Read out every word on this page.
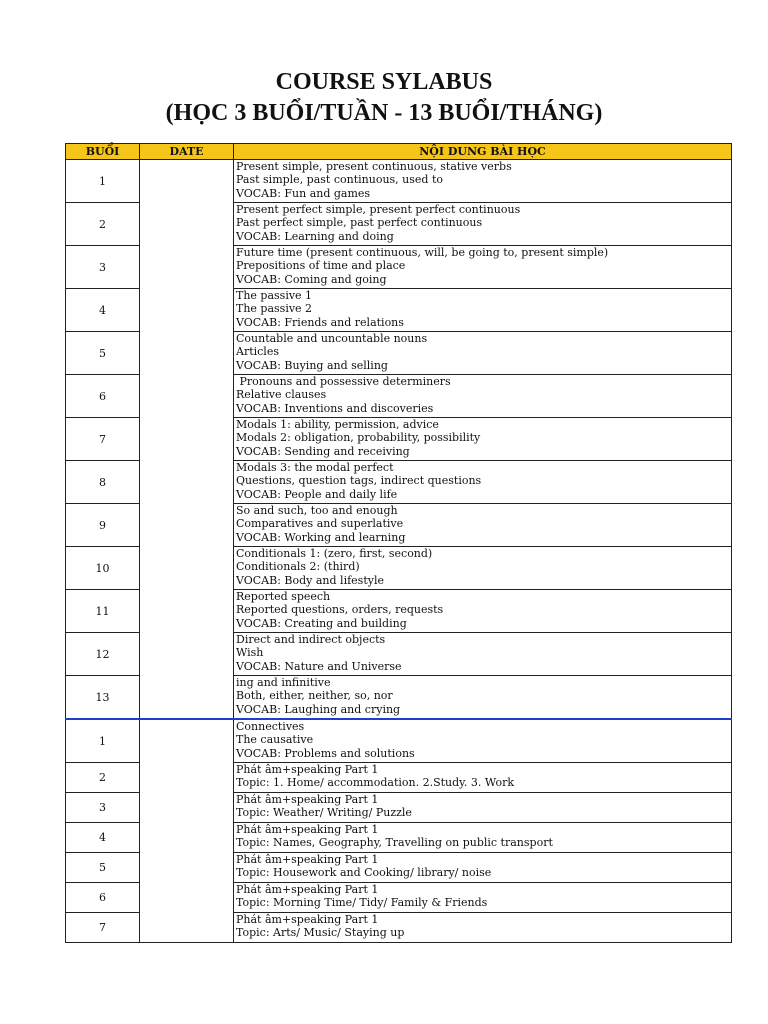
COURSE SYLABUS
(HỌC 3 BUỔI/TUẦN - 13 BUỔI/THÁNG)
BUỔI	DATE	NỘI DUNG BÀI HỌC
1		Present simple, present continuous, stative verbs
Past simple, past continuous, used to
VOCAB: Fun and games

2		Present perfect simple, present perfect continuous
Past perfect simple, past perfect continuous
VOCAB: Learning and doing

3		Future time (present continuous, will, be going to, present simple)
Prepositions of time and place
VOCAB: Coming and going

4		The passive 1
The passive 2
VOCAB: Friends and relations

5		Countable and uncountable nouns
Articles
VOCAB: Buying and selling

6		Pronouns and possessive determiners
Relative clauses
VOCAB: Inventions and discoveries

7		Modals 1: ability, permission, advice
Modals 2: obligation, probability, possibility
VOCAB: Sending and receiving

8		Modals 3: the modal perfect
Questions, question tags, indirect questions
VOCAB: People and daily life

9		So and such, too and enough
Comparatives and superlative
VOCAB: Working and learning

10		Conditionals 1: (zero, first, second)
Conditionals 2: (third)
VOCAB: Body and lifestyle

11		Reported speech
Reported questions, orders, requests
VOCAB: Creating and building

12		Direct and indirect objects
Wish
VOCAB: Nature and Universe

13		ing and infinitive
Both, either, neither, so, nor
VOCAB: Laughing and crying

1		Connectives
The causative
VOCAB: Problems and solutions

2		Phát âm+speaking Part 1
Topic: 1. Home/ accommodation. 2.Study. 3. Work

3		Phát âm+speaking Part 1
Topic: Weather/ Writing/ Puzzle

4		Phát âm+speaking Part 1
Topic: Names, Geography, Travelling on public transport

5		Phát âm+speaking Part 1
Topic: Housework and Cooking/ library/ noise

6		Phát âm+speaking Part 1
Topic: Morning Time/ Tidy/ Family & Friends

7		Phát âm+speaking Part 1
Topic: Arts/ Music/ Staying up
